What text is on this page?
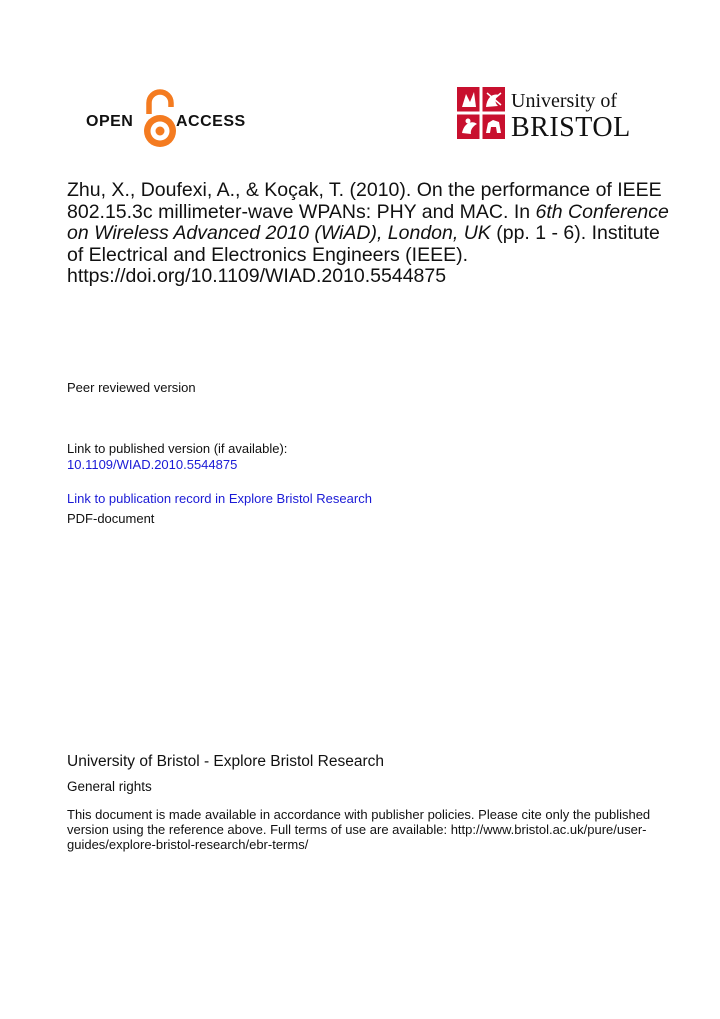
OPEN	ACCESS
University of
BRISTOL
Zhu, X., Doufexi, A., & Koçak, T. (2010). On the performance of IEEE 802.15.3c millimeter-wave WPANs: PHY and MAC. In 6th Conference on Wireless Advanced 2010 (WiAD), London, UK (pp. 1 - 6). Institute of Electrical and Electronics Engineers (IEEE). https://doi.org/10.1109/WIAD.2010.5544875
Peer reviewed version
Link to published version (if available):
10.1109/WIAD.2010.5544875
Link to publication record in Explore Bristol Research
PDF-document
University of Bristol - Explore Bristol Research
General rights
This document is made available in accordance with publisher policies. Please cite only the published version using the reference above. Full terms of use are available: http://www.bristol.ac.uk/pure/user-guides/explore-bristol-research/ebr-terms/
